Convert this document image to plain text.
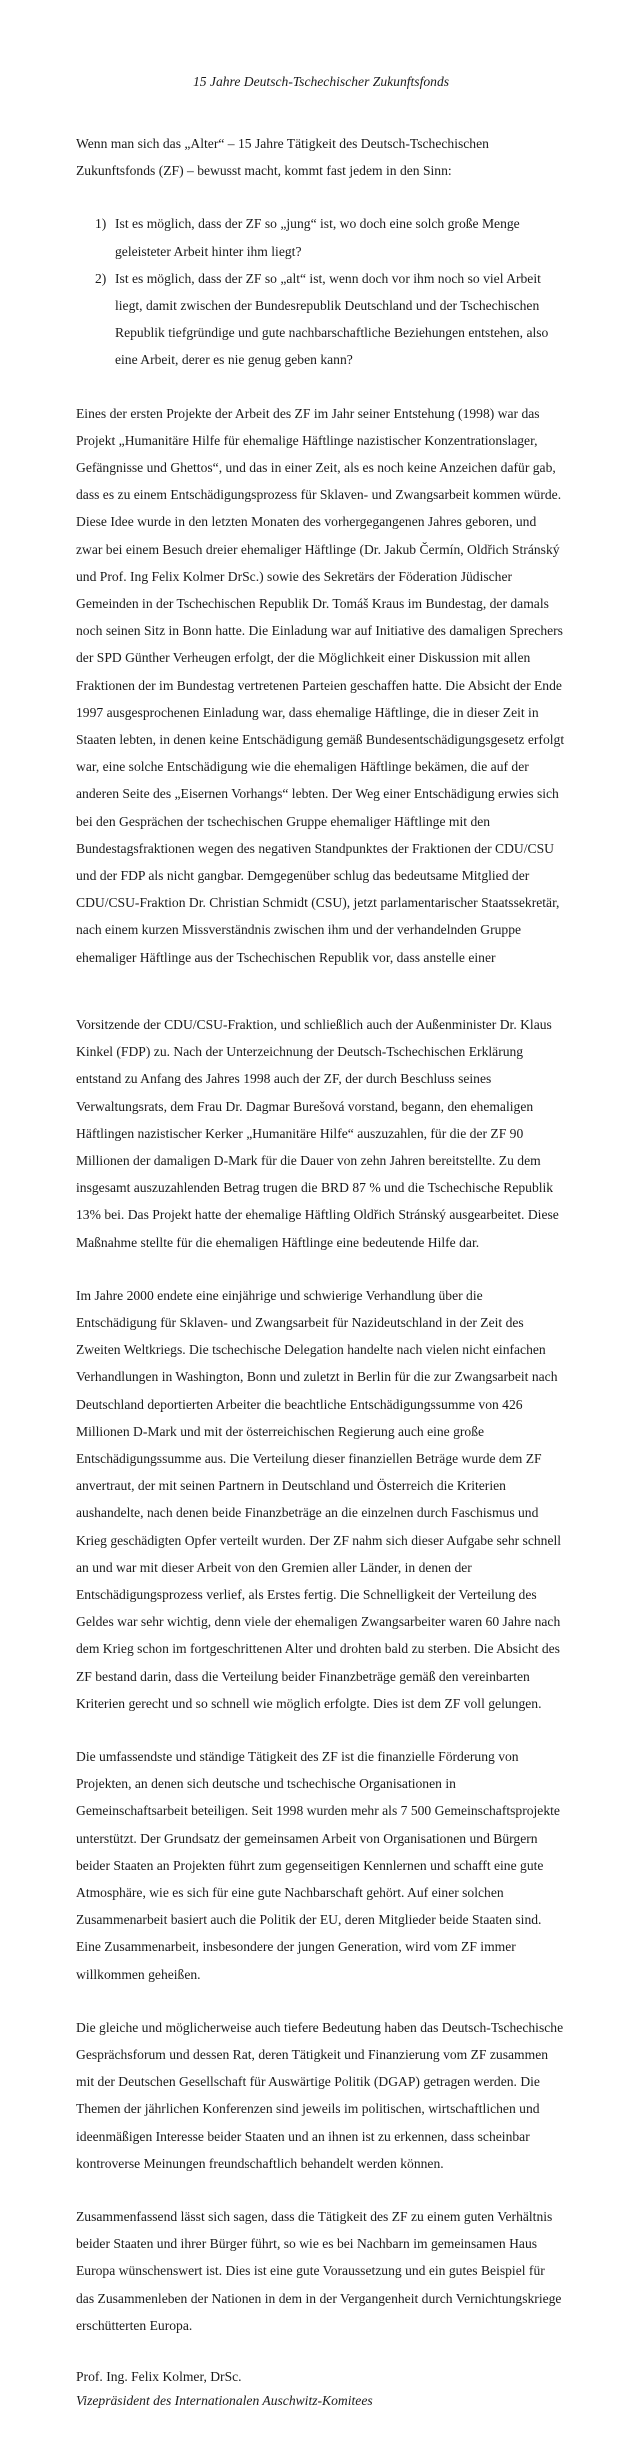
15 Jahre Deutsch-Tschechischer Zukunftsfonds

Wenn man sich das „Alter“ – 15 Jahre Tätigkeit des Deutsch-Tschechischen Zukunftsfonds (ZF) – bewusst macht, kommt fast jedem in den Sinn:

1) Ist es möglich, dass der ZF so „jung“ ist, wo doch eine solch große Menge geleisteter Arbeit hinter ihm liegt?
2) Ist es möglich, dass der ZF so „alt“ ist, wenn doch vor ihm noch so viel Arbeit liegt, damit zwischen der Bundesrepublik Deutschland und der Tschechischen Republik tiefgründige und gute nachbarschaftliche Beziehungen entstehen, also eine Arbeit, derer es nie genug geben kann?

Eines der ersten Projekte der Arbeit des ZF im Jahr seiner Entstehung (1998) war das Projekt „Humanitäre Hilfe für ehemalige Häftlinge nazistischer Konzentrationslager, Gefängnisse und Ghettos“, und das in einer Zeit, als es noch keine Anzeichen dafür gab, dass es zu einem Entschädigungsprozess für Sklaven- und Zwangsarbeit kommen würde. Diese Idee wurde in den letzten Monaten des vorhergegangenen Jahres geboren, und zwar bei einem Besuch dreier ehemaliger Häftlinge (Dr. Jakub Čermín, Oldřich Stránský und Prof. Ing Felix Kolmer DrSc.) sowie des Sekretärs der Föderation Jüdischer Gemeinden in der Tschechischen Republik Dr. Tomáš Kraus im Bundestag, der damals noch seinen Sitz in Bonn hatte. Die Einladung war auf Initiative des damaligen Sprechers der SPD Günther Verheugen erfolgt, der die Möglichkeit einer Diskussion mit allen Fraktionen der im Bundestag vertretenen Parteien geschaffen hatte. Die Absicht der Ende 1997 ausgesprochenen Einladung war, dass ehemalige Häftlinge, die in dieser Zeit in Staaten lebten, in denen keine Entschädigung gemäß Bundesentschädigungsgesetz erfolgt war, eine solche Entschädigung wie die ehemaligen Häftlinge bekämen, die auf der anderen Seite des „Eisernen Vorhangs“ lebten. Der Weg einer Entschädigung erwies sich bei den Gesprächen der tschechischen Gruppe ehemaliger Häftlinge mit den Bundestagsfraktionen wegen des negativen Standpunktes der Fraktionen der CDU/CSU und der FDP als nicht gangbar. Demgegenüber schlug das bedeutsame Mitglied der CDU/CSU-Fraktion Dr. Christian Schmidt (CSU), jetzt parlamentarischer Staatssekretär, nach einem kurzen Missverständnis zwischen ihm und der verhandelnden Gruppe ehemaliger Häftlinge aus der Tschechischen Republik vor, dass anstelle einer

Vorsitzende der CDU/CSU-Fraktion, und schließlich auch der Außenminister Dr. Klaus Kinkel (FDP) zu. Nach der Unterzeichnung der Deutsch-Tschechischen Erklärung entstand zu Anfang des Jahres 1998 auch der ZF, der durch Beschluss seines Verwaltungsrats, dem Frau Dr. Dagmar Burešová vorstand, begann, den ehemaligen Häftlingen nazistischer Kerker „Humanitäre Hilfe“ auszuzahlen, für die der ZF 90 Millionen der damaligen D-Mark für die Dauer von zehn Jahren bereitstellte. Zu dem insgesamt auszuzahlenden Betrag trugen die BRD 87 % und die Tschechische Republik 13% bei. Das Projekt hatte der ehemalige Häftling Oldřich Stránský ausgearbeitet. Diese Maßnahme stellte für die ehemaligen Häftlinge eine bedeutende Hilfe dar.

Im Jahre 2000 endete eine einjährige und schwierige Verhandlung über die Entschädigung für Sklaven- und Zwangsarbeit für Nazideutschland in der Zeit des Zweiten Weltkriegs. Die tschechische Delegation handelte nach vielen nicht einfachen Verhandlungen in Washington, Bonn und zuletzt in Berlin für die zur Zwangsarbeit nach Deutschland deportierten Arbeiter die beachtliche Entschädigungssumme von 426 Millionen D-Mark und mit der österreichischen Regierung auch eine große Entschädigungssumme aus. Die Verteilung dieser finanziellen Beträge wurde dem ZF anvertraut, der mit seinen Partnern in Deutschland und Österreich die Kriterien aushandelte, nach denen beide Finanzbeträge an die einzelnen durch Faschismus und Krieg geschädigten Opfer verteilt wurden. Der ZF nahm sich dieser Aufgabe sehr schnell an und war mit dieser Arbeit von den Gremien aller Länder, in denen der Entschädigungsprozess verlief, als Erstes fertig. Die Schnelligkeit der Verteilung des Geldes war sehr wichtig, denn viele der ehemaligen Zwangsarbeiter waren 60 Jahre nach dem Krieg schon im fortgeschrittenen Alter und drohten bald zu sterben. Die Absicht des ZF bestand darin, dass die Verteilung beider Finanzbeträge gemäß den vereinbarten Kriterien gerecht und so schnell wie möglich erfolgte. Dies ist dem ZF voll gelungen.

Die umfassendste und ständige Tätigkeit des ZF ist die finanzielle Förderung von Projekten, an denen sich deutsche und tschechische Organisationen in Gemeinschaftsarbeit beteiligen. Seit 1998 wurden mehr als 7 500 Gemeinschaftsprojekte unterstützt. Der Grundsatz der gemeinsamen Arbeit von Organisationen und Bürgern beider Staaten an Projekten führt zum gegenseitigen Kennlernen und schafft eine gute Atmosphäre, wie es sich für eine gute Nachbarschaft gehört. Auf einer solchen Zusammenarbeit basiert auch die Politik der EU, deren Mitglieder beide Staaten sind. Eine Zusammenarbeit, insbesondere der jungen Generation, wird vom ZF immer willkommen geheißen.

Die gleiche und möglicherweise auch tiefere Bedeutung haben das Deutsch-Tschechische Gesprächsforum und dessen Rat, deren Tätigkeit und Finanzierung vom ZF zusammen mit der Deutschen Gesellschaft für Auswärtige Politik (DGAP) getragen werden. Die Themen der jährlichen Konferenzen sind jeweils im politischen, wirtschaftlichen und ideenmäßigen Interesse beider Staaten und an ihnen ist zu erkennen, dass scheinbar kontroverse Meinungen freundschaftlich behandelt werden können.

Zusammenfassend lässt sich sagen, dass die Tätigkeit des ZF zu einem guten Verhältnis beider Staaten und ihrer Bürger führt, so wie es bei Nachbarn im gemeinsamen Haus Europa wünschenswert ist. Dies ist eine gute Voraussetzung und ein gutes Beispiel für das Zusammenleben der Nationen in dem in der Vergangenheit durch Vernichtungskriege erschütterten Europa.

Prof. Ing. Felix Kolmer, DrSc.

Vizepräsident des Internationalen Auschwitz-Komitees
